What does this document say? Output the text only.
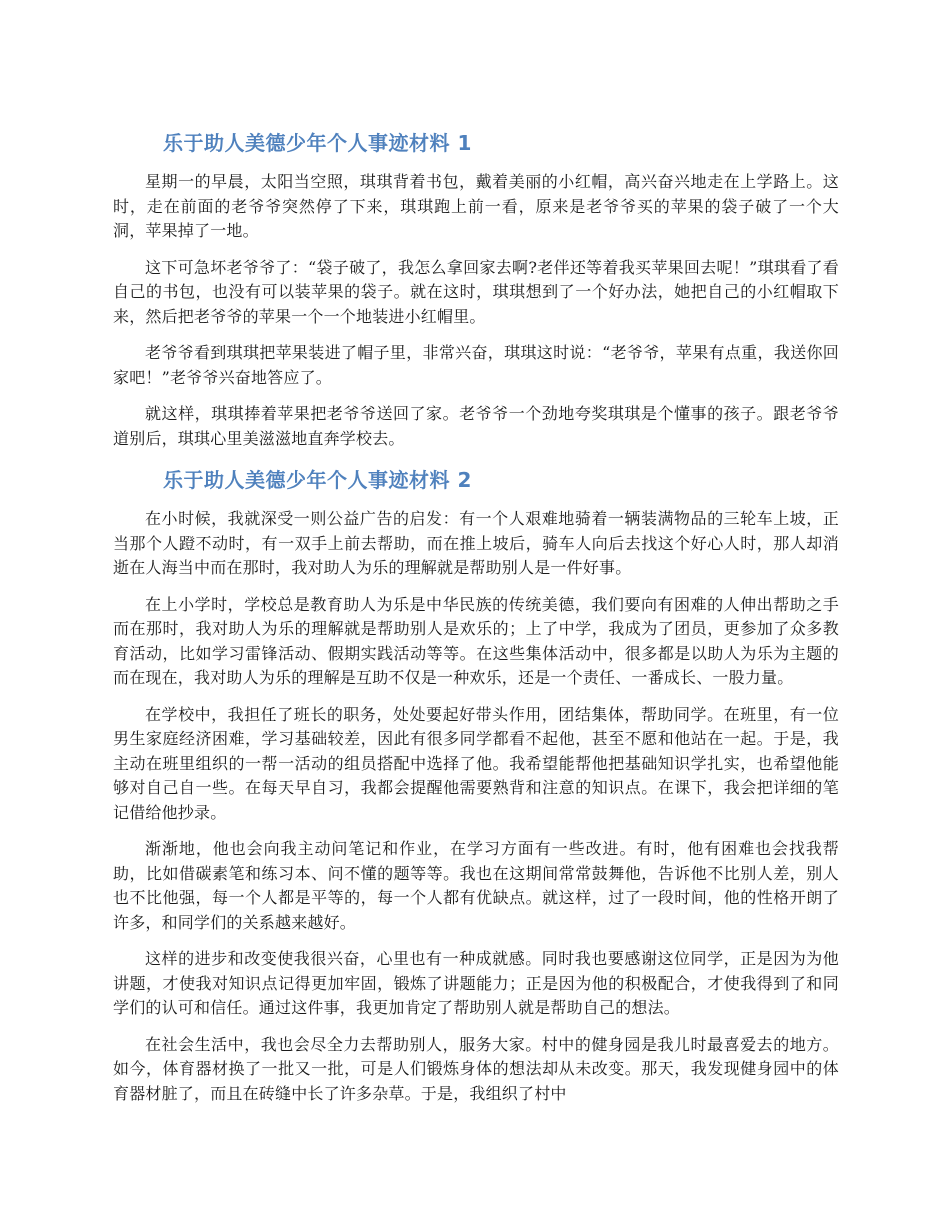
乐于助人美德少年个人事迹材料 1

星期一的早晨，太阳当空照，琪琪背着书包，戴着美丽的小红帽，高兴奋兴地走在上学路上。这时，走在前面的老爷爷突然停了下来，琪琪跑上前一看，原来是老爷爷买的苹果的袋子破了一个大洞，苹果掉了一地。

这下可急坏老爷爷了：“袋子破了，我怎么拿回家去啊?老伴还等着我买苹果回去呢！”琪琪看了看自己的书包，也没有可以装苹果的袋子。就在这时，琪琪想到了一个好办法，她把自己的小红帽取下来，然后把老爷爷的苹果一个一个地装进小红帽里。

老爷爷看到琪琪把苹果装进了帽子里，非常兴奋，琪琪这时说：“老爷爷，苹果有点重，我送你回家吧！”老爷爷兴奋地答应了。

就这样，琪琪捧着苹果把老爷爷送回了家。老爷爷一个劲地夸奖琪琪是个懂事的孩子。跟老爷爷道别后，琪琪心里美滋滋地直奔学校去。

乐于助人美德少年个人事迹材料 2

在小时候，我就深受一则公益广告的启发：有一个人艰难地骑着一辆装满物品的三轮车上坡，正当那个人蹬不动时，有一双手上前去帮助，而在推上坡后，骑车人向后去找这个好心人时，那人却消逝在人海当中而在那时，我对助人为乐的理解就是帮助别人是一件好事。

在上小学时，学校总是教育助人为乐是中华民族的传统美德，我们要向有困难的人伸出帮助之手而在那时，我对助人为乐的理解就是帮助别人是欢乐的；上了中学，我成为了团员，更参加了众多教育活动，比如学习雷锋活动、假期实践活动等等。在这些集体活动中，很多都是以助人为乐为主题的而在现在，我对助人为乐的理解是互助不仅是一种欢乐，还是一个责任、一番成长、一股力量。

在学校中，我担任了班长的职务，处处要起好带头作用，团结集体，帮助同学。在班里，有一位男生家庭经济困难，学习基础较差，因此有很多同学都看不起他，甚至不愿和他站在一起。于是，我主动在班里组织的一帮一活动的组员搭配中选择了他。我希望能帮他把基础知识学扎实，也希望他能够对自己自一些。在每天早自习，我都会提醒他需要熟背和注意的知识点。在课下，我会把详细的笔记借给他抄录。

渐渐地，他也会向我主动问笔记和作业，在学习方面有一些改进。有时，他有困难也会找我帮助，比如借碳素笔和练习本、问不懂的题等等。我也在这期间常常鼓舞他，告诉他不比别人差，别人也不比他强，每一个人都是平等的，每一个人都有优缺点。就这样，过了一段时间，他的性格开朗了许多，和同学们的关系越来越好。

这样的进步和改变使我很兴奋，心里也有一种成就感。同时我也要感谢这位同学，正是因为为他讲题，才使我对知识点记得更加牢固，锻炼了讲题能力；正是因为他的积极配合，才使我得到了和同学们的认可和信任。通过这件事，我更加肯定了帮助别人就是帮助自己的想法。

在社会生活中，我也会尽全力去帮助别人，服务大家。村中的健身园是我儿时最喜爱去的地方。如今，体育器材换了一批又一批，可是人们锻炼身体的想法却从未改变。那天，我发现健身园中的体育器材脏了，而且在砖缝中长了许多杂草。于是，我组织了村中
